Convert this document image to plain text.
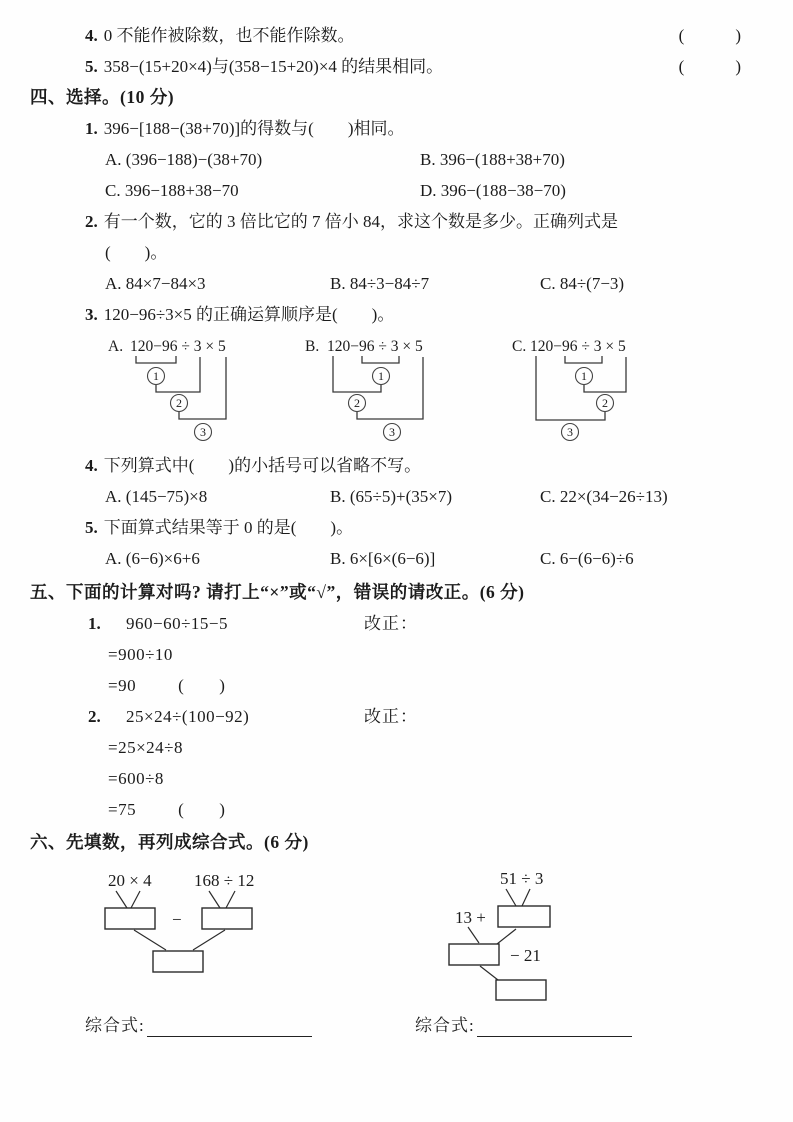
4. 0 不能作被除数，也不能作除数。	(　　　)
5. 358−(15+20×4)与(358−15+20)×4 的结果相同。	(　　　)
四、选择。(10 分)
1. 396−[188−(38+70)]的得数与(　　)相同。
A. (396−188)−(38+70)	B. 396−(188+38+70)
C. 396−188+38−70	D. 396−(188−38−70)
2. 有一个数，它的 3 倍比它的 7 倍小 84，求这个数是多少。正确列式是
(　　)。
A. 84×7−84×3	B. 84÷3−84÷7	C. 84÷(7−3)
3. 120−96÷3×5 的正确运算顺序是(　　)。
A. 120−96 ÷ 3 × 5
1
2
3
B. 120−96 ÷ 3 × 5
1
2
3
C. 120−96 ÷ 3 × 5
1
2
3
4. 下列算式中(　　)的小括号可以省略不写。
A. (145−75)×8	B. (65÷5)+(35×7)	C. 22×(34−26÷13)
5. 下面算式结果等于 0 的是(　　)。
A. (6−6)×6+6	B. 6×[6×(6−6)]	C. 6−(6−6)÷6
五、下面的计算对吗? 请打上“×”或“√”，错误的请改正。(6 分)
1.	960−60÷15−5	改正：
=900÷10
=90 (　　)
2.	25×24÷(100−92)	改正：
=25×24÷8
=600÷8
=75 (　　)
六、先填数，再列成综合式。(6 分)
20 × 4 168 ÷ 12
−
综合式:
51 ÷ 3
13 +
− 21
综合式:
